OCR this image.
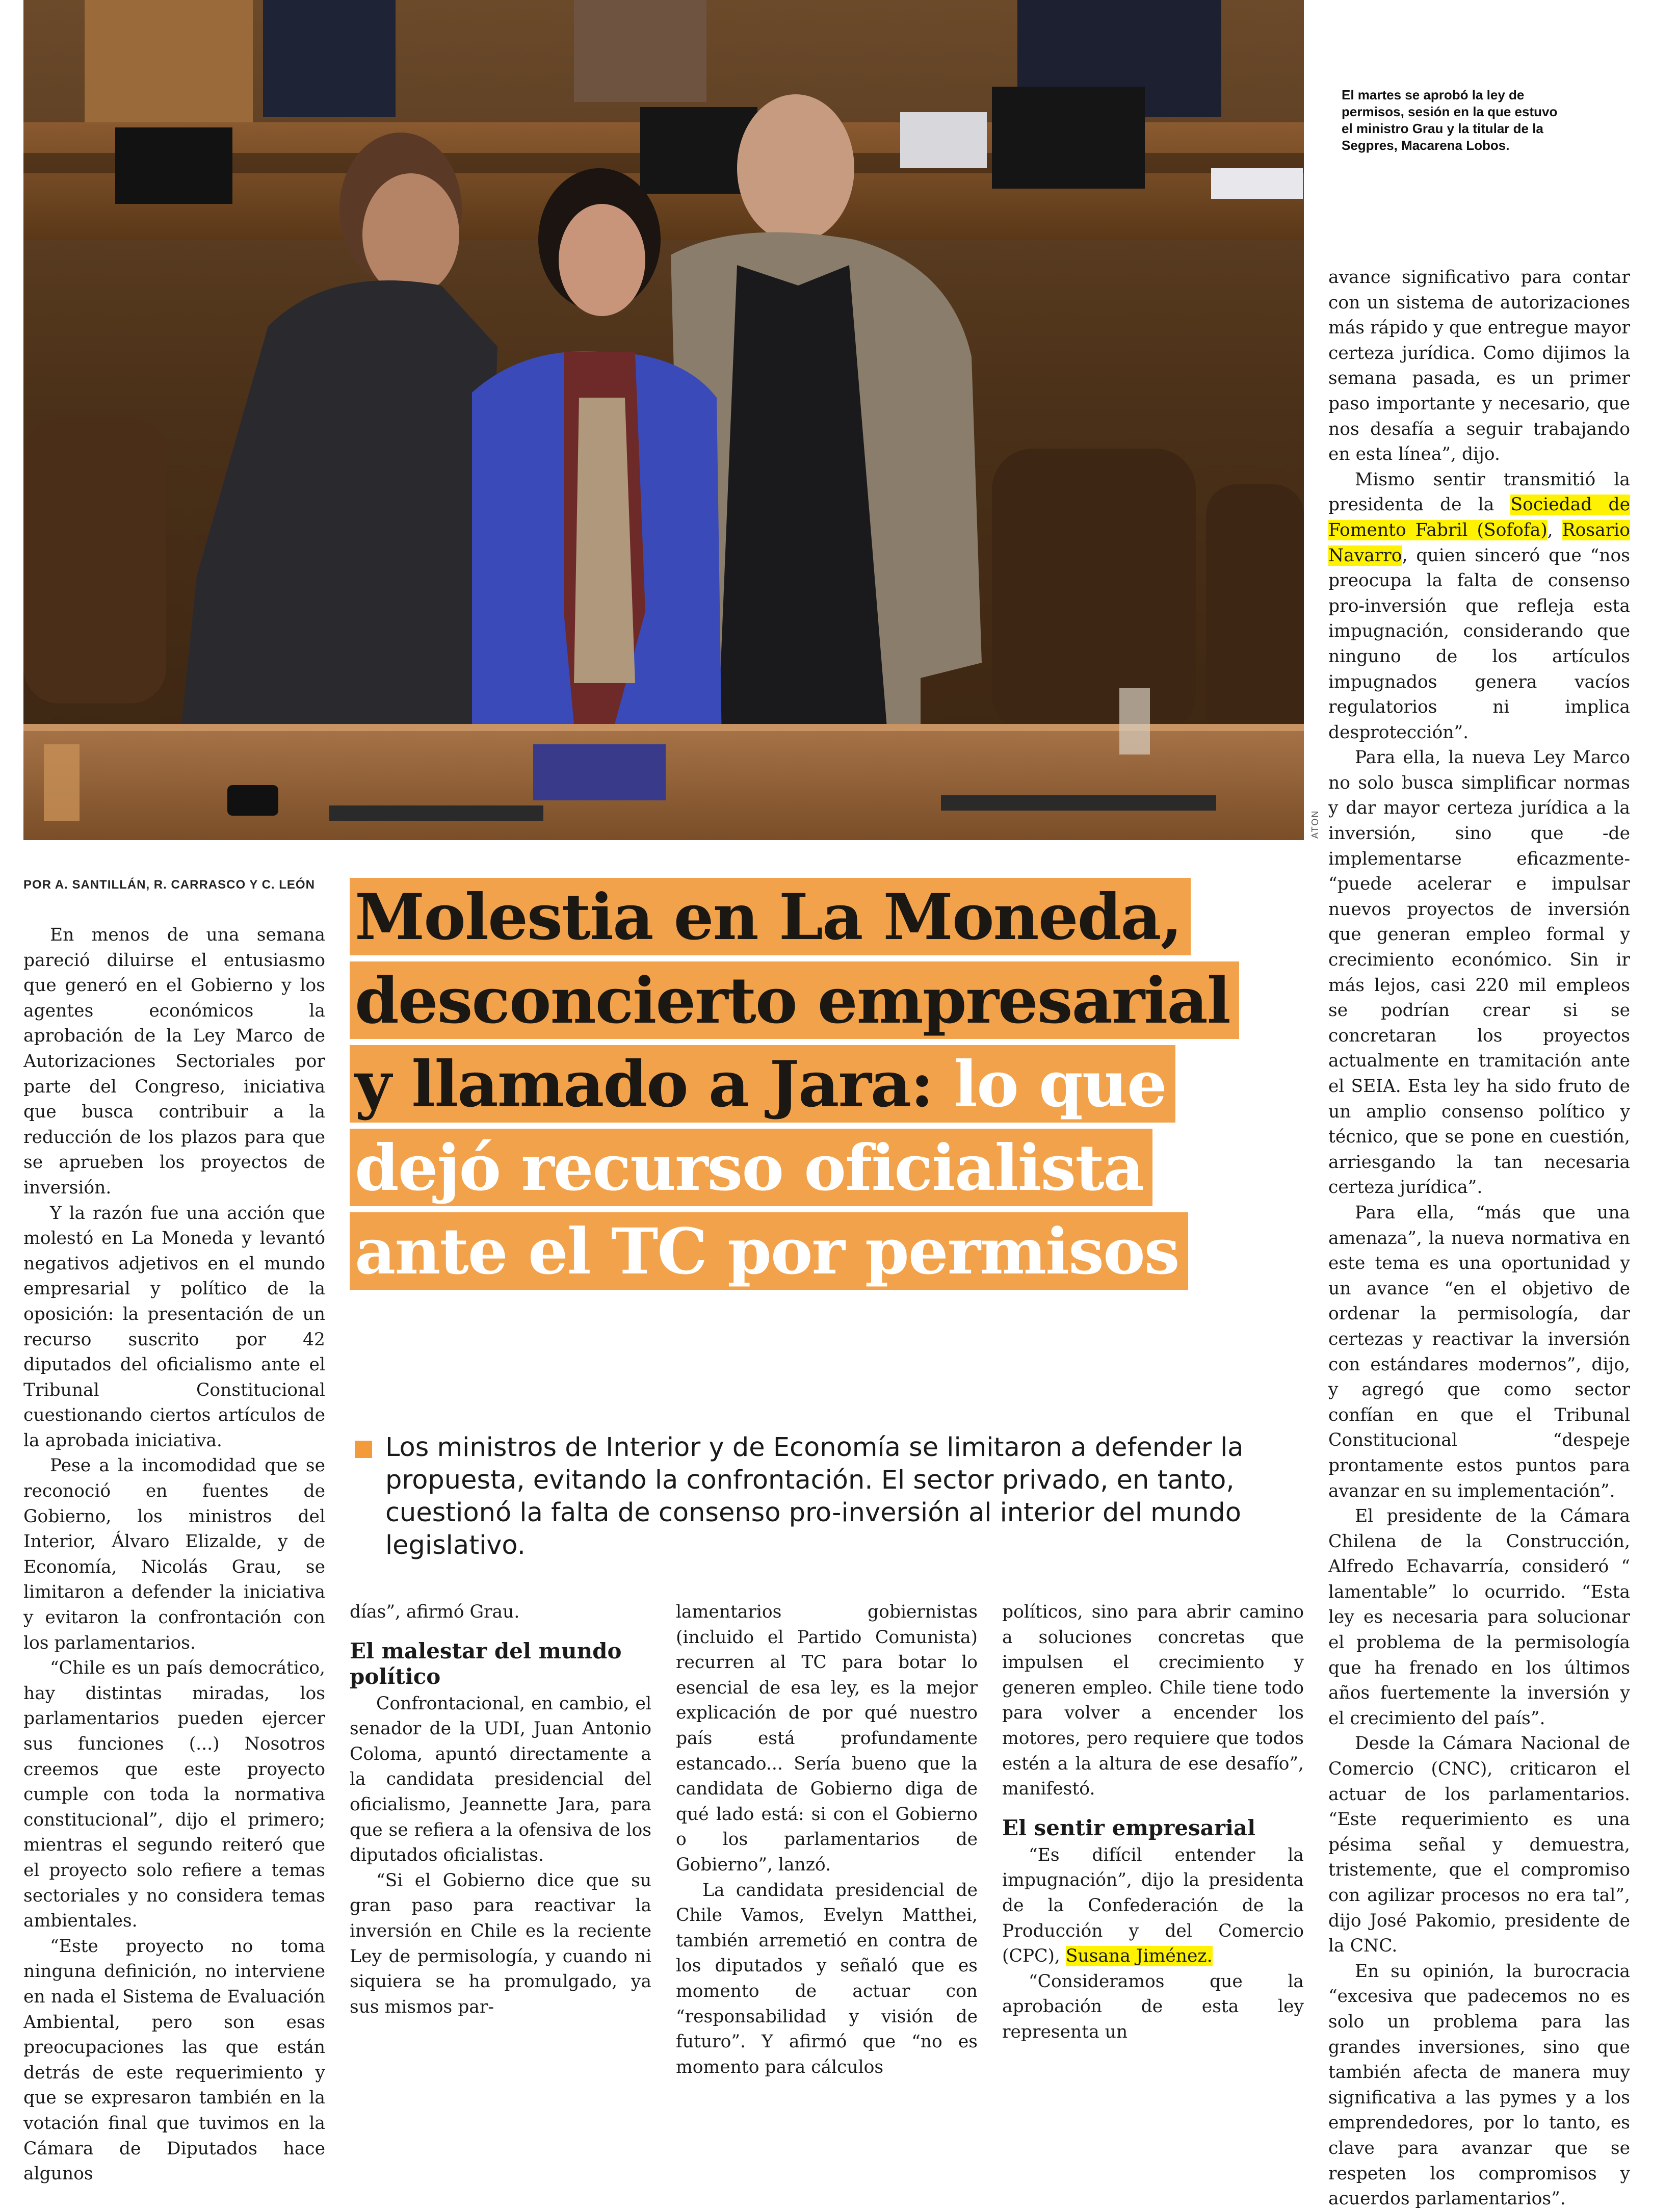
ATON
El martes se aprobó la ley de permisos, sesión en la que estuvo el ministro Grau y la titular de la Segpres, Macarena Lobos.
POR A. SANTILLÁN, R. CARRASCO Y C. LEÓN Molestia en La Moneda,
desconcierto empresarial
y llamado a Jara: lo que
dejó recurso oficialista
ante el TC por permisos
Los ministros de Interior y de Economía se limitaron a defender la propuesta, evitando la confrontación. El sector privado, en tanto, cuestionó la falta de consenso pro-inversión al interior del mundo legislativo.

En menos de una semana pareció diluirse el entusiasmo que generó en el Gobierno y los agentes económicos la aprobación de la Ley Marco de Autorizaciones Sectoriales por parte del Congreso, iniciativa que busca contribuir a la reducción de los plazos para que se aprueben los proyectos de inversión.

Y la razón fue una acción que molestó en La Moneda y levantó negativos adjetivos en el mundo empresarial y político de la oposición: la presentación de un recurso suscrito por 42 diputados del oficialismo ante el Tribunal Constitucional cuestionando ciertos artículos de la aprobada iniciativa.

Pese a la incomodidad que se reconoció en fuentes de Gobierno, los ministros del Interior, Álvaro Elizalde, y de Economía, Nicolás Grau, se limitaron a defender la iniciativa y evitaron la confrontación con los parlamentarios.

“Chile es un país democrático, hay distintas miradas, los parlamentarios pueden ejercer sus funciones (...) Nosotros creemos que este proyecto cumple con toda la normativa constitucional”, dijo el primero; mientras el segundo reiteró que el proyecto solo refiere a temas sectoriales y no considera temas ambientales.

“Este proyecto no toma ninguna definición, no interviene en nada el Sistema de Evaluación Ambiental, pero son esas preocupaciones las que están detrás de este requerimiento y que se expresaron también en la votación final que tuvimos en la Cámara de Diputados hace algunos

días”, afirmó Grau.

El malestar del mundo político

Confrontacional, en cambio, el senador de la UDI, Juan Antonio Coloma, apuntó directamente a la candidata presidencial del oficialismo, Jeannette Jara, para que se refiera a la ofensiva de los diputados oficialistas.

“Si el Gobierno dice que su gran paso para reactivar la inversión en Chile es la reciente Ley de permisología, y cuando ni siquiera se ha promulgado, ya sus mismos par-

lamentarios gobiernistas (incluido el Partido Comunista) recurren al TC para botar lo esencial de esa ley, es la mejor explicación de por qué nuestro país está profundamente estancado... Sería bueno que la candidata de Gobierno diga de qué lado está: si con el Gobierno o los parlamentarios de Gobierno”, lanzó.

La candidata presidencial de Chile Vamos, Evelyn Matthei, también arremetió en contra de los diputados y señaló que es momento de actuar con “responsabilidad y visión de futuro”. Y afirmó que “no es momento para cálculos

políticos, sino para abrir camino a soluciones concretas que impulsen el crecimiento y generen empleo. Chile tiene todo para volver a encender los motores, pero requiere que todos estén a la altura de ese desafío”, manifestó.

El sentir empresarial

“Es difícil entender la impugnación”, dijo la presidenta de la Confederación de la Producción y del Comercio (CPC), Susana Jiménez.

“Consideramos que la aprobación de esta ley representa un

avance significativo para contar con un sistema de autorizaciones más rápido y que entregue mayor certeza jurídica. Como dijimos la semana pasada, es un primer paso importante y necesario, que nos desafía a seguir trabajando en esta línea”, dijo.

Mismo sentir transmitió la presidenta de la Sociedad de Fomento Fabril (Sofofa), Rosario Navarro, quien sinceró que “nos preocupa la falta de consenso pro-inversión que refleja esta impugnación, considerando que ninguno de los artículos impugnados genera vacíos regulatorios ni implica desprotección”.

Para ella, la nueva Ley Marco no solo busca simplificar normas y dar mayor certeza jurídica a la inversión, sino que -de implementarse eficazmente- “puede acelerar e impulsar nuevos proyectos de inversión que generan empleo formal y crecimiento económico. Sin ir más lejos, casi 220 mil empleos se podrían crear si se concretaran los proyectos actualmente en tramitación ante el SEIA. Esta ley ha sido fruto de un amplio consenso político y técnico, que se pone en cuestión, arriesgando la tan necesaria certeza jurídica”.

Para ella, “más que una amenaza”, la nueva normativa en este tema es una oportunidad y un avance “en el objetivo de ordenar la permisología, dar certezas y reactivar la inversión con estándares modernos”, dijo, y agregó que como sector confían en que el Tribunal Constitucional “despeje prontamente estos puntos para avanzar en su implementación”.

El presidente de la Cámara Chilena de la Construcción, Alfredo Echavarría, consideró “ lamentable” lo ocurrido. “Esta ley es necesaria para solucionar el problema de la permisología que ha frenado en los últimos años fuertemente la inversión y el crecimiento del país”.

Desde la Cámara Nacional de Comercio (CNC), criticaron el actuar de los parlamentarios. “Este requerimiento es una pésima señal y demuestra, tristemente, que el compromiso con agilizar procesos no era tal”, dijo José Pakomio, presidente de la CNC.

En su opinión, la burocracia “excesiva que padecemos no es solo un problema para las grandes inversiones, sino que también afecta de manera muy significativa a las pymes y a los emprendedores, por lo tanto, es clave para avanzar que se respeten los compromisos y acuerdos parlamentarios”.
